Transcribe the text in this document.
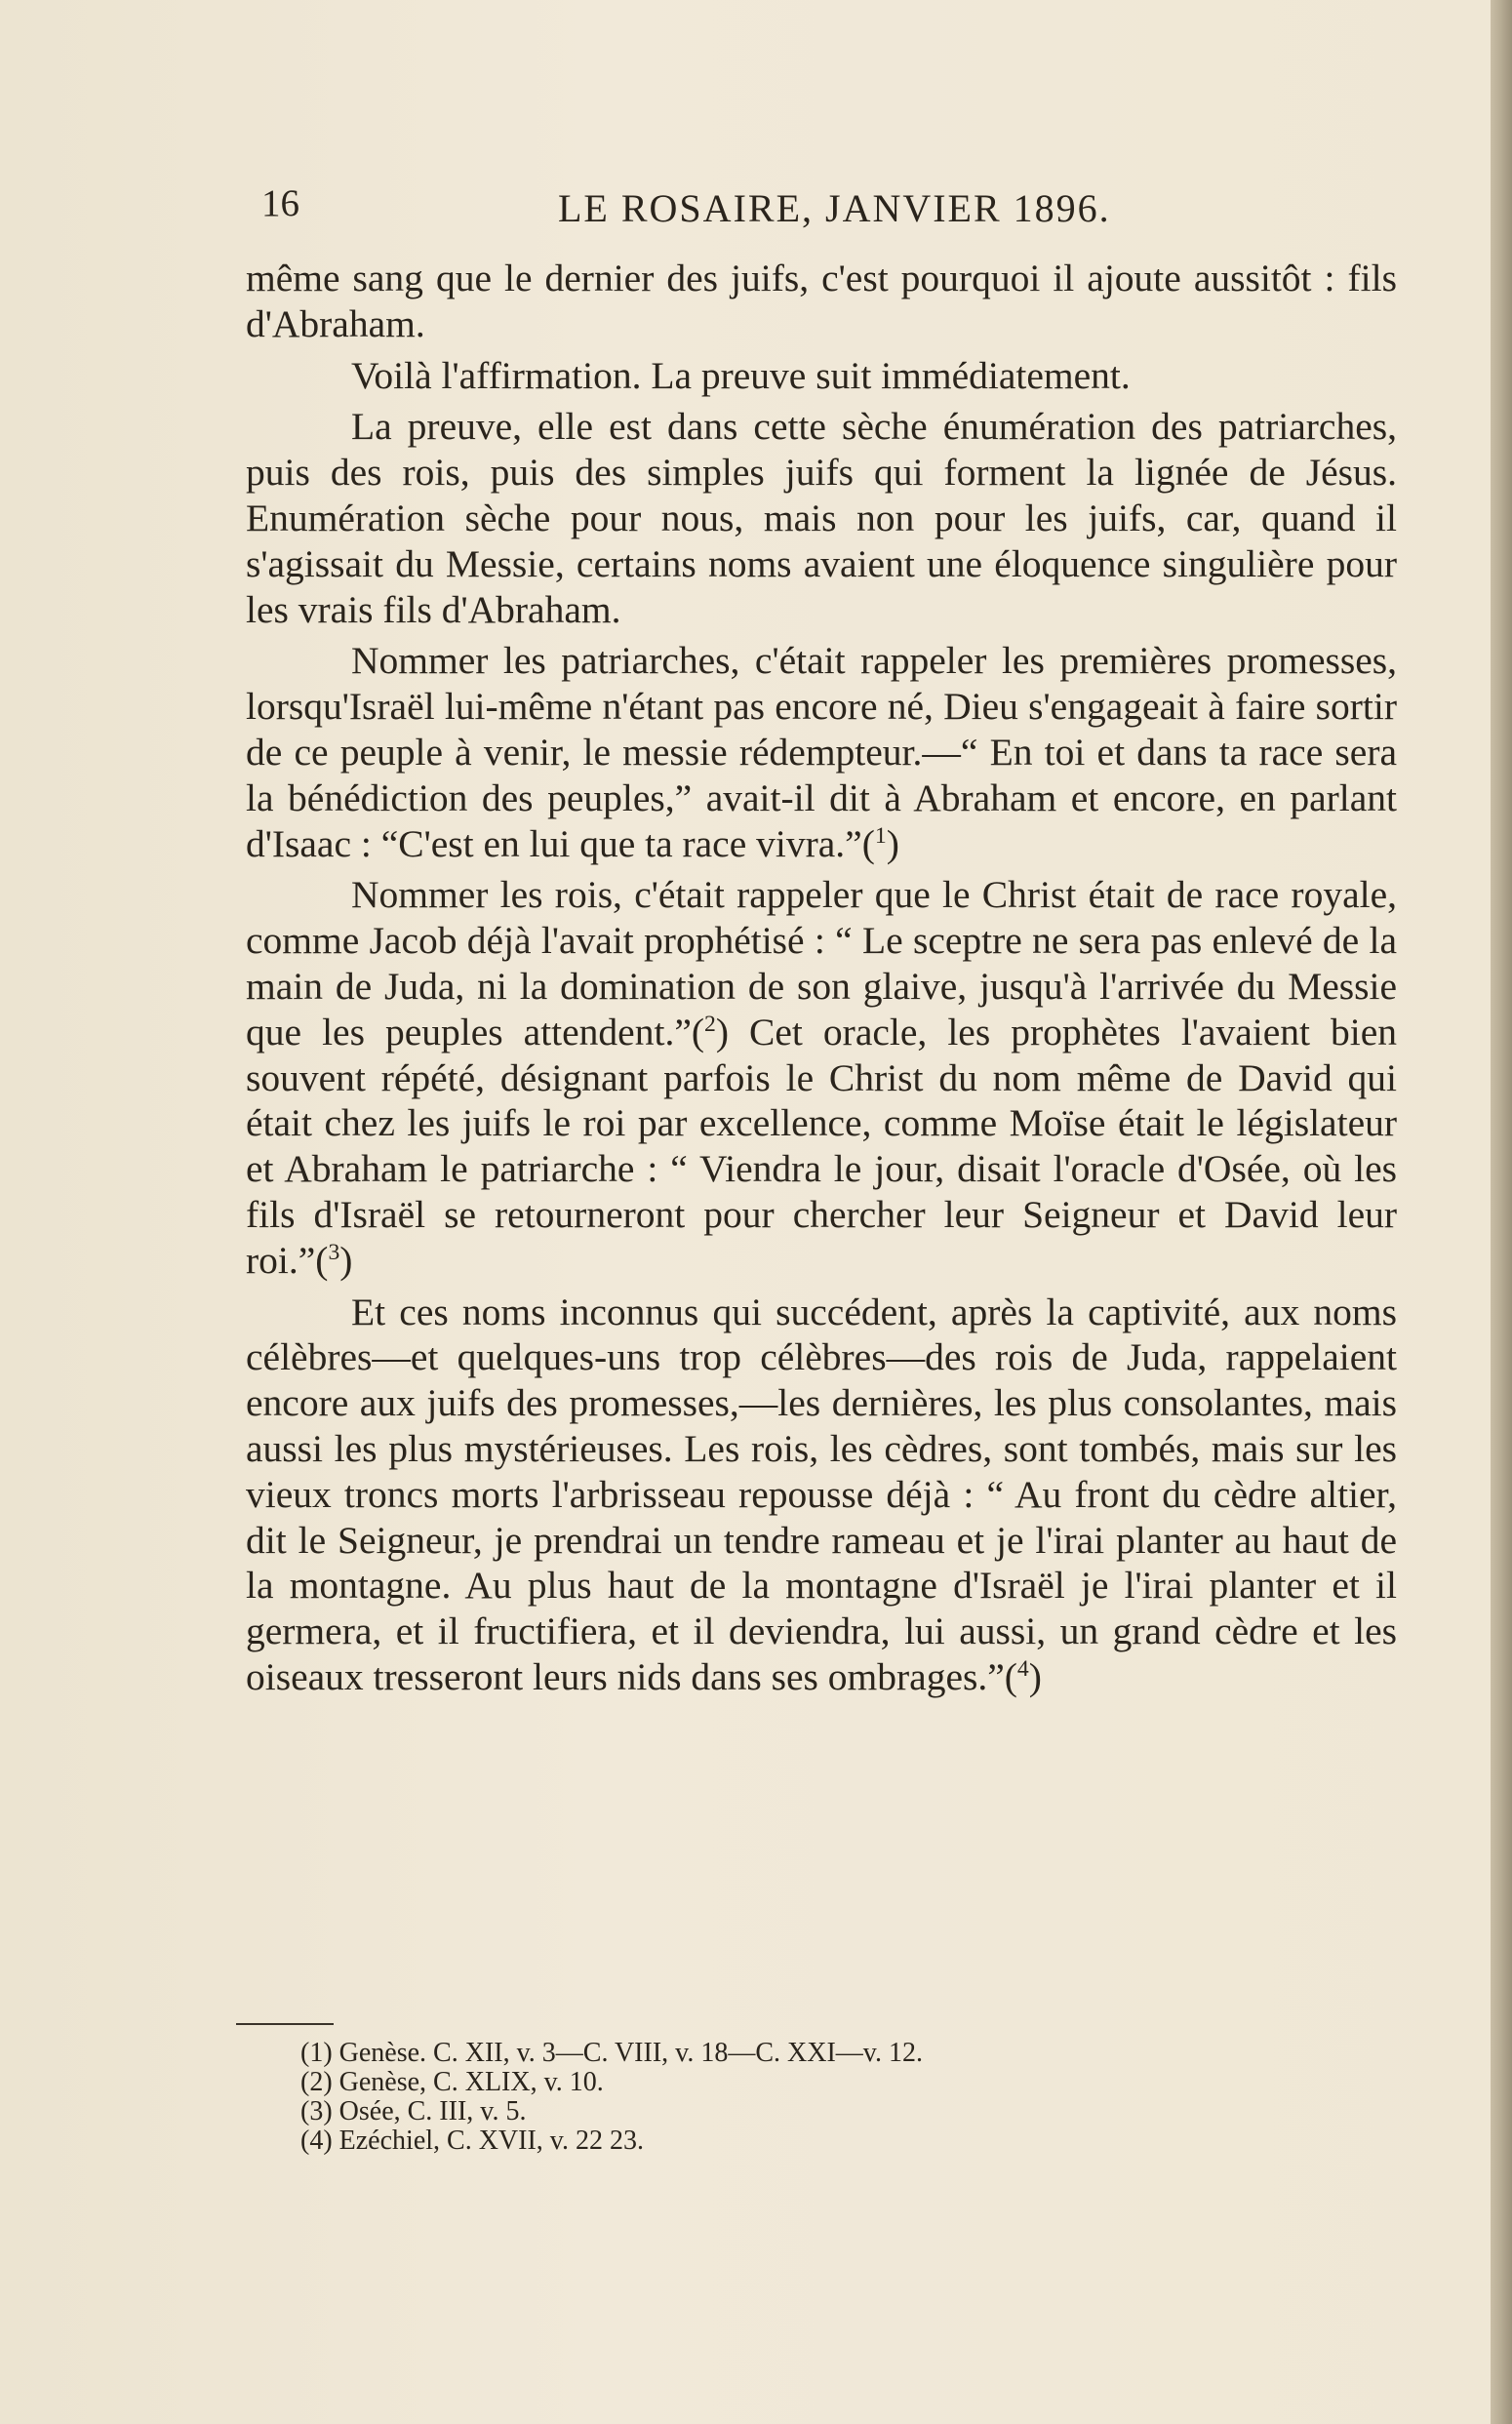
16	LE ROSAIRE, JANVIER 1896.

même sang que le dernier des juifs, c'est pourquoi il ajoute aussitôt : fils d'Abraham.

Voilà l'affirmation. La preuve suit immédiatement.

La preuve, elle est dans cette sèche énumération des patriarches, puis des rois, puis des simples juifs qui forment la lignée de Jésus. Enumération sèche pour nous, mais non pour les juifs, car, quand il s'agissait du Messie, certains noms avaient une éloquence singulière pour les vrais fils d'Abraham.

Nommer les patriarches, c'était rappeler les premières promesses, lorsqu'Israël lui-même n'étant pas encore né, Dieu s'engageait à faire sortir de ce peuple à venir, le messie rédempteur.—“ En toi et dans ta race sera la bénédiction des peuples,” avait-il dit à Abraham et encore, en parlant d'Isaac : “C'est en lui que ta race vivra.”($^1$)

Nommer les rois, c'était rappeler que le Christ était de race royale, comme Jacob déjà l'avait prophétisé : “ Le sceptre ne sera pas enlevé de la main de Juda, ni la domination de son glaive, jusqu'à l'arrivée du Messie que les peuples attendent.”($^2$) Cet oracle, les prophètes l'avaient bien souvent répété, désignant parfois le Christ du nom même de David qui était chez les juifs le roi par excellence, comme Moïse était le législateur et Abraham le patriarche : “ Viendra le jour, disait l'oracle d'Osée, où les fils d'Israël se retourneront pour chercher leur Seigneur et David leur roi.”($^3$)

Et ces noms inconnus qui succédent, après la captivité, aux noms célèbres—et quelques-uns trop célèbres—des rois de Juda, rappelaient encore aux juifs des promesses,—les dernières, les plus consolantes, mais aussi les plus mystérieuses. Les rois, les cèdres, sont tombés, mais sur les vieux troncs morts l'arbrisseau repousse déjà : “ Au front du cèdre altier, dit le Seigneur, je prendrai un tendre rameau et je l'irai planter au haut de la montagne. Au plus haut de la montagne d'Israël je l'irai planter et il germera, et il fructifiera, et il deviendra, lui aussi, un grand cèdre et les oiseaux tresseront leurs nids dans ses ombrages.”($^4$)

(1) Genèse. C. XII, v. 3—C. VIII, v. 18—C. XXI—v. 12.
(2) Genèse, C. XLIX, v. 10.
(3) Osée, C. III, v. 5.
(4) Ezéchiel, C. XVII, v. 22 23.
